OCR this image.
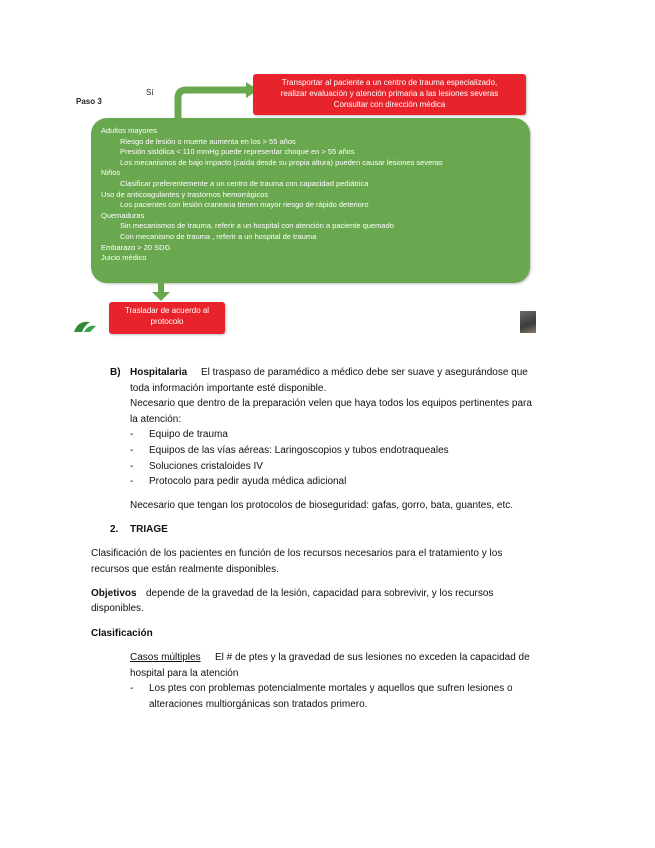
Paso 3
Sí
Transportar al paciente a un centro de trauma especializado,
realizar evaluación y atención primaria a las lesiones severas
Consultar con dirección médica
Adultos mayores
Riesgo de lesión o muerte aumenta en los > 55 años
Presión sistólica < 110 mmHg puede representar choque en > 55 años
Los mecanismos de bajo impacto (caída desde su propia altura) pueden causar lesiones severas
Niños
Clasificar preferentemente a un centro de trauma con capacidad pediátrica
Uso de anticoagulantes y trastornos hemorrágicos
Los pacientes con lesión craneana tienen mayor riesgo de rápido deterioro
Quemaduras
Sin mecanismos de trauma, referir a un hospital con atención a paciente quemado
Con mecanismo de trauma , referir a un hospital de trauma
Embarazo > 20 SDG
Juicio médico
Trasladar de acuerdo al
protocolo
B) Hospitalaria El traspaso de paramédico a médico debe ser suave y asegurándose que
toda información importante esté disponible.
Necesario que dentro de la preparación velen que haya todos los equipos pertinentes para
la atención:
- Equipo de trauma
- Equipos de las vías aéreas: Laringoscopios y tubos endotraqueales
- Soluciones cristaloides IV
- Protocolo para pedir ayuda médica adicional
Necesario que tengan los protocolos de bioseguridad: gafas, gorro, bata, guantes, etc.
2. TRIAGE
Clasificación de los pacientes en función de los recursos necesarios para el tratamiento y los
recursos que están realmente disponibles.
Objetivos depende de la gravedad de la lesión, capacidad para sobrevivir, y los recursos
disponibles.
Clasificación
Casos múltiples El # de ptes y la gravedad de sus lesiones no exceden la capacidad de
hospital para la atención
- Los ptes con problemas potencialmente mortales y aquellos que sufren lesiones o
alteraciones multiorgánicas son tratados primero.
